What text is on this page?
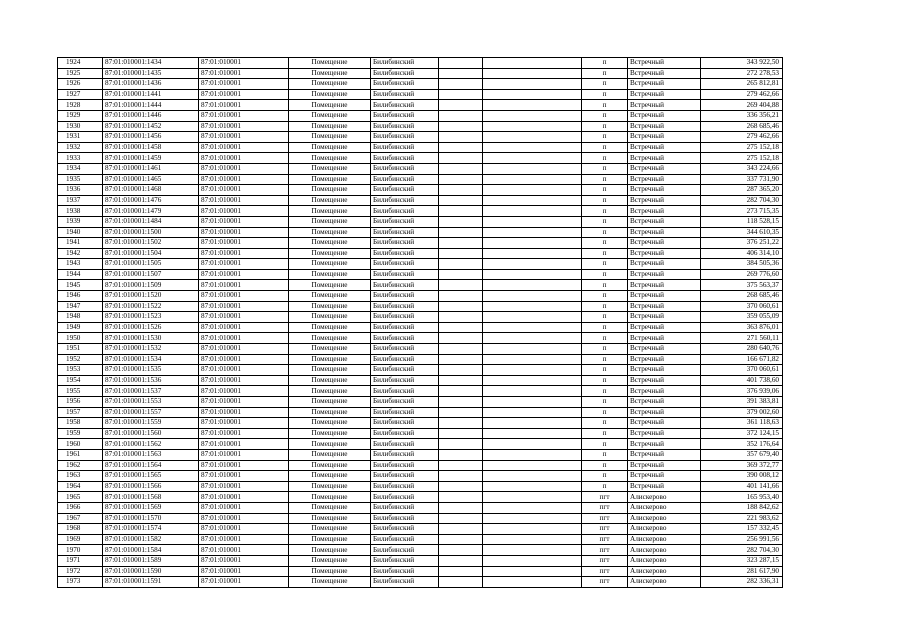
1924	87:01:010001:1434	87:01:010001	Помещение	Билибинский			п	Встречный	343 922,50
1925	87:01:010001:1435	87:01:010001	Помещение	Билибинский			п	Встречный	272 278,53
1926	87:01:010001:1436	87:01:010001	Помещение	Билибинский			п	Встречный	265 812,81
1927	87:01:010001:1441	87:01:010001	Помещение	Билибинский			п	Встречный	279 462,66
1928	87:01:010001:1444	87:01:010001	Помещение	Билибинский			п	Встречный	269 404,88
1929	87:01:010001:1446	87:01:010001	Помещение	Билибинский			п	Встречный	336 356,21
1930	87:01:010001:1452	87:01:010001	Помещение	Билибинский			п	Встречный	268 685,46
1931	87:01:010001:1456	87:01:010001	Помещение	Билибинский			п	Встречный	279 462,66
1932	87:01:010001:1458	87:01:010001	Помещение	Билибинский			п	Встречный	275 152,18
1933	87:01:010001:1459	87:01:010001	Помещение	Билибинский			п	Встречный	275 152,18
1934	87:01:010001:1461	87:01:010001	Помещение	Билибинский			п	Встречный	343 224,66
1935	87:01:010001:1465	87:01:010001	Помещение	Билибинский			п	Встречный	337 731,90
1936	87:01:010001:1468	87:01:010001	Помещение	Билибинский			п	Встречный	287 365,20
1937	87:01:010001:1476	87:01:010001	Помещение	Билибинский			п	Встречный	282 704,30
1938	87:01:010001:1479	87:01:010001	Помещение	Билибинский			п	Встречный	273 715,35
1939	87:01:010001:1484	87:01:010001	Помещение	Билибинский			п	Встречный	118 528,15
1940	87:01:010001:1500	87:01:010001	Помещение	Билибинский			п	Встречный	344 610,35
1941	87:01:010001:1502	87:01:010001	Помещение	Билибинский			п	Встречный	376 251,22
1942	87:01:010001:1504	87:01:010001	Помещение	Билибинский			п	Встречный	406 314,10
1943	87:01:010001:1505	87:01:010001	Помещение	Билибинский			п	Встречный	384 505,36
1944	87:01:010001:1507	87:01:010001	Помещение	Билибинский			п	Встречный	269 776,60
1945	87:01:010001:1509	87:01:010001	Помещение	Билибинский			п	Встречный	375 563,37
1946	87:01:010001:1520	87:01:010001	Помещение	Билибинский			п	Встречный	268 685,46
1947	87:01:010001:1522	87:01:010001	Помещение	Билибинский			п	Встречный	370 060,61
1948	87:01:010001:1523	87:01:010001	Помещение	Билибинский			п	Встречный	359 055,09
1949	87:01:010001:1526	87:01:010001	Помещение	Билибинский			п	Встречный	363 876,01
1950	87:01:010001:1530	87:01:010001	Помещение	Билибинский			п	Встречный	271 560,11
1951	87:01:010001:1532	87:01:010001	Помещение	Билибинский			п	Встречный	280 640,76
1952	87:01:010001:1534	87:01:010001	Помещение	Билибинский			п	Встречный	166 671,82
1953	87:01:010001:1535	87:01:010001	Помещение	Билибинский			п	Встречный	370 060,61
1954	87:01:010001:1536	87:01:010001	Помещение	Билибинский			п	Встречный	401 738,60
1955	87:01:010001:1537	87:01:010001	Помещение	Билибинский			п	Встречный	376 939,06
1956	87:01:010001:1553	87:01:010001	Помещение	Билибинский			п	Встречный	391 383,81
1957	87:01:010001:1557	87:01:010001	Помещение	Билибинский			п	Встречный	379 002,60
1958	87:01:010001:1559	87:01:010001	Помещение	Билибинский			п	Встречный	361 118,63
1959	87:01:010001:1560	87:01:010001	Помещение	Билибинский			п	Встречный	372 124,15
1960	87:01:010001:1562	87:01:010001	Помещение	Билибинский			п	Встречный	352 176,64
1961	87:01:010001:1563	87:01:010001	Помещение	Билибинский			п	Встречный	357 679,40
1962	87:01:010001:1564	87:01:010001	Помещение	Билибинский			п	Встречный	369 372,77
1963	87:01:010001:1565	87:01:010001	Помещение	Билибинский			п	Встречный	390 008,12
1964	87:01:010001:1566	87:01:010001	Помещение	Билибинский			п	Встречный	401 141,66
1965	87:01:010001:1568	87:01:010001	Помещение	Билибинский			пгт	Алискерово	165 953,40
1966	87:01:010001:1569	87:01:010001	Помещение	Билибинский			пгт	Алискерово	188 842,62
1967	87:01:010001:1570	87:01:010001	Помещение	Билибинский			пгт	Алискерово	221 983,62
1968	87:01:010001:1574	87:01:010001	Помещение	Билибинский			пгт	Алискерово	157 332,45
1969	87:01:010001:1582	87:01:010001	Помещение	Билибинский			пгт	Алискерово	256 991,56
1970	87:01:010001:1584	87:01:010001	Помещение	Билибинский			пгт	Алискерово	282 704,30
1971	87:01:010001:1589	87:01:010001	Помещение	Билибинский			пгт	Алискерово	323 287,15
1972	87:01:010001:1590	87:01:010001	Помещение	Билибинский			пгт	Алискерово	281 617,90
1973	87:01:010001:1591	87:01:010001	Помещение	Билибинский			пгт	Алискерово	282 336,31
